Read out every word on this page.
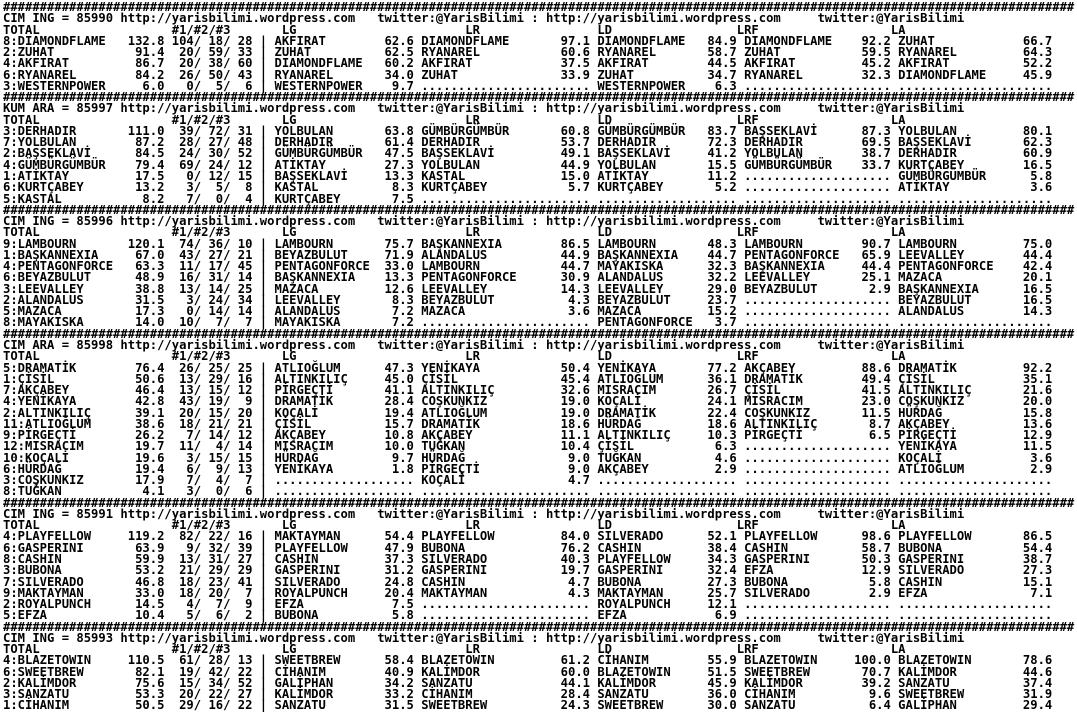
##################################################################################################################################################
CIM ING = 85990 http://yarisbilimi.wordpress.com   twitter:@YarisBilimi : http://yarisbilimi.wordpress.com     twitter:@YarisBilimi
TOTAL                  #1/#2/#3       LG                       LR                LD                 LRF                  LA
8:DIAMONDFLAME   132.8 104/ 18/ 28 | AKFIRAT        62.6 DIAMONDFLAME       97.1 DIAMONDFLAME   84.9 DIAMONDFLAME    92.2 ZUHAT            66.7
2:ZUHAT           91.4  20/ 59/ 33 | ZUHAT          62.5 RYANAREL           60.6 RYANAREL       58.7 ZUHAT           59.5 RYANAREL         64.3
4:AKFIRAT         86.7  20/ 38/ 60 | DIAMONDFLAME   60.2 AKFIRAT            37.5 AKFIRAT        44.5 AKFIRAT         45.2 AKFIRAT          52.2
6:RYANAREL        84.2  26/ 50/ 43 | RYANAREL       34.0 ZUHAT              33.9 ZUHAT          34.7 RYANAREL        32.3 DIAMONDFLAME     45.9
3:WESTERNPOWER     6.0   0/  5/  6 | WESTERNPOWER    9.7 ....................... WESTERNPOWER    6.3 .................... .....................
##################################################################################################################################################
KUM ARA = 85997 http://yarisbilimi.wordpress.com   twitter:@YarisBilimi : http://yarisbilimi.wordpress.com     twitter:@YarisBilimi
TOTAL                  #1/#2/#3       LG                       LR                LD                 LRF                  LA
3:DERHADIR       111.0  39/ 72/ 31 | YOLBULAN       63.8 GÜMBÜRGÜMBÜR       60.8 GÜMBÜRGÜMBÜR   83.7 BAŞSEKLAVİ      87.3 YOLBULAN         80.1
7:YOLBULAN        87.2  28/ 27/ 48 | DERHADIR       61.4 DERHADIR           53.7 DERHADIR       72.3 DERHADIR        69.5 BAŞSEKLAVİ       62.3
2:BAŞSEKLAVİ      84.5  24/ 30/ 52 | GÜMBÜRGÜMBÜR   47.5 BAŞSEKLAVİ         49.1 BAŞSEKLAVİ     41.2 YOLBULAN        38.7 DERHADIR         60.9
4:GÜMBÜRGÜMBÜR    79.4  69/ 24/ 12 | ATİKTAY        27.3 YOLBULAN           44.9 YOLBULAN       15.5 GÜMBÜRGÜMBÜR    33.7 KURTÇABEY        16.5
1:ATİKTAY         17.5   0/ 12/ 15 | BAŞSEKLAVİ     13.3 KASTAL             15.0 ATİKTAY        11.2 .................... GÜMBÜRGÜMBÜR      5.8
6:KURTÇABEY       13.2   3/  5/  8 | KASTAL          8.3 KURTÇABEY           5.7 KURTÇABEY       5.2 .................... ATİKTAY           3.6
5:KASTAL           8.2   7/  0/  4 | KURTÇABEY       7.5 ....................... ................... .................... .....................
##################################################################################################################################################
CIM ING = 85996 http://yarisbilimi.wordpress.com   twitter:@YarisBilimi : http://yarisbilimi.wordpress.com     twitter:@YarisBilimi
TOTAL                  #1/#2/#3       LG                       LR                LD                 LRF                  LA
9:LAMBOURN       120.1  74/ 36/ 10 | LAMBOURN       75.7 BAŞKANNEXIA        86.5 LAMBOURN       48.3 LAMBOURN        90.7 LAMBOURN         75.0
1:BAŞKANNEXIA     67.0  43/ 27/ 21 | BEYAZBULUT     71.9 ALANDALUS          44.9 BAŞKANNEXIA    44.7 PENTAGONFORCE   65.9 LEEVALLEY        44.4
4:PENTAGONFORCE   63.3  11/ 17/ 45 | PENTAGONFORCE  33.0 LAMBOURN           44.7 MAYAKISKA      32.3 BAŞKANNEXIA     44.4 PENTAGONFORCE    42.4
6:BEYAZBULUT      48.9  16/ 31/ 14 | BAŞKANNEXIA    13.3 PENTAGONFORCE      30.9 ALANDALUS      32.2 LEEVALLEY       25.1 MAZACA           20.1
3:LEEVALLEY       38.8  13/ 14/ 25 | MAZACA         12.6 LEEVALLEY          14.3 LEEVALLEY      29.0 BEYAZBULUT       2.9 BAŞKANNEXIA      16.5
2:ALANDALUS       31.5   3/ 24/ 34 | LEEVALLEY       8.3 BEYAZBULUT          4.3 BEYAZBULUT     23.7 .................... BEYAZBULUT       16.5
5:MAZACA          17.3   0/ 14/ 14 | ALANDALUS       7.2 MAZACA              3.6 MAZACA         15.2 .................... ALANDALUS        14.3
8:MAYAKISKA       14.0  10/  7/  7 | MAYAKISKA       7.2 ....................... PENTAGONFORCE   3.7 .................... .....................
##################################################################################################################################################
CIM ARA = 85998 http://yarisbilimi.wordpress.com   twitter:@YarisBilimi : http://yarisbilimi.wordpress.com     twitter:@YarisBilimi
TOTAL                  #1/#2/#3       LG                       LR                LD                 LRF                  LA
5:DRAMATİK        76.4  26/ 25/ 25 | ATLIOĞLUM      47.3 YENİKAYA           50.4 YENİKAYA       77.2 AKÇABEY         88.6 DRAMATİK         92.2
1:ÇİSİL           50.6  13/ 29/ 16 | ALTINKILIÇ     45.0 ÇİSİL              45.4 ATLIOĞLUM      36.1 DRAMATİK        49.4 ÇİSİL            35.1
7:AKÇABEY         46.4  13/ 15/ 12 | PİRGEÇTİ       41.1 ALTINKILIÇ         32.6 MISRACIM       26.7 ÇİSİL           41.5 ALTINKILIÇ       21.6
4:YENİKAYA        42.8  43/ 19/  9 | DRAMATİK       28.4 COŞKUNKIZ          19.0 KOÇALİ         24.1 MISRACIM        23.0 COŞKUNKIZ        20.0
2:ALTINKILIÇ      39.1  20/ 15/ 20 | KOÇALİ         19.4 ATLIOĞLUM          19.0 DRAMATİK       22.4 COŞKUNKIZ       11.5 HÜRDAĞ           15.8
11:ATLIOĞLUM      38.6  18/ 21/ 21 | ÇİSİL          15.7 DRAMATİK           18.6 HÜRDAĞ         18.6 ALTINKILIÇ       8.7 AKÇABEY          13.6
9:PİRGEÇTİ        26.2   7/ 14/ 12 | AKÇABEY        10.8 AKÇABEY            11.1 ALTINKILIÇ     10.3 PİRGEÇTİ         6.5 PİRGEÇTİ         12.9
12:MISRACIM       19.7  11/  4/ 14 | MISRACIM       10.0 TUĞKAN             10.4 ÇİSİL           6.3 .................... YENİKAYA         11.5
10:KOÇALİ         19.6   3/ 15/ 15 | HÜRDAĞ          9.7 HÜRDAĞ              9.0 TUĞKAN          4.6 .................... KOÇALİ            3.6
6:HÜRDAĞ          19.4   6/  9/ 13 | YENİKAYA        1.8 PİRGEÇTİ            9.0 AKÇABEY         2.9 .................... ATLIOĞLUM         2.9
3:COŞKUNKIZ       17.9   7/  4/  7 | ................... KOÇALİ              4.7 ................... .................... .....................
8:TUĞKAN           4.1   3/  0/  6 | ................... ....................... ................... .................... .....................
##################################################################################################################################################
CIM ING = 85991 http://yarisbilimi.wordpress.com   twitter:@YarisBilimi : http://yarisbilimi.wordpress.com     twitter:@YarisBilimi
TOTAL                  #1/#2/#3       LG                       LR                LD                 LRF                  LA
4:PLAYFELLOW     119.2  82/ 22/ 16 | MAKTAYMAN      54.4 PLAYFELLOW         84.0 SILVERADO      52.1 PLAYFELLOW      98.6 PLAYFELLOW       86.5
6:GASPERINI       63.9   9/ 32/ 39 | PLAYFELLOW     47.9 BUBONA             76.2 CASHIN         38.4 CASHIN          58.7 BUBONA           54.4
8:CASHIN          59.9  13/ 31/ 27 | CASHIN         37.3 SILVERADO          40.3 PLAYFELLOW     34.3 GASPERINI       50.3 GASPERINI        38.7
3:BUBONA          53.2  21/ 29/ 29 | GASPERINI      31.2 GASPERINI          19.7 GASPERINI      32.4 EFZA            12.9 SILVERADO        27.3
7:SILVERADO       46.8  18/ 23/ 41 | SILVERADO      24.8 CASHIN              4.7 BUBONA         27.3 BUBONA           5.8 CASHIN           15.1
9:MAKTAYMAN       33.0  18/ 20/  7 | ROYALPUNCH     20.4 MAKTAYMAN           4.3 MAKTAYMAN      25.7 SILVERADO        2.9 EFZA              7.1
2:ROYALPUNCH      14.5   4/  7/  9 | EFZA            7.5 ....................... ROYALPUNCH     12.1 .................... .....................
5:EFZA            10.4   5/  6/  2 | BUBONA          5.8 ....................... EFZA            6.9 .................... .....................
##################################################################################################################################################
CIM ING = 85993 http://yarisbilimi.wordpress.com   twitter:@YarisBilimi : http://yarisbilimi.wordpress.com     twitter:@YarisBilimi
TOTAL                  #1/#2/#3       LG                       LR                LD                 LRF                  LA
4:BLAZETOWIN     110.5  61/ 28/ 13 | SWEETBREW      58.4 BLAZETOWIN         61.2 CİHANIM        55.9 BLAZETOWIN     100.0 BLAZETOWIN       78.6
6:SWEETBREW       82.1  19/ 42/ 22 | CİHANIM        40.9 KALİMDOR           60.0 BLAZETOWIN     51.5 SWEETBREW       70.7 KALİMDOR         44.6
2:KALİMDOR        75.6  15/ 34/ 52 | GALİPHAN       34.2 SANZATU            44.1 KALİMDOR       45.9 KALİMDOR        39.2 SANZATU          37.4
3:SANZATU         53.3  20/ 22/ 27 | KALİMDOR       33.2 CİHANIM            28.4 SANZATU        36.0 CİHANIM          9.6 SWEETBREW        31.9
1:CİHANIM         50.5  29/ 16/ 22 | SANZATU        31.5 SWEETBREW          24.3 SWEETBREW      30.0 SANZATU          6.4 GALİPHAN         29.4
